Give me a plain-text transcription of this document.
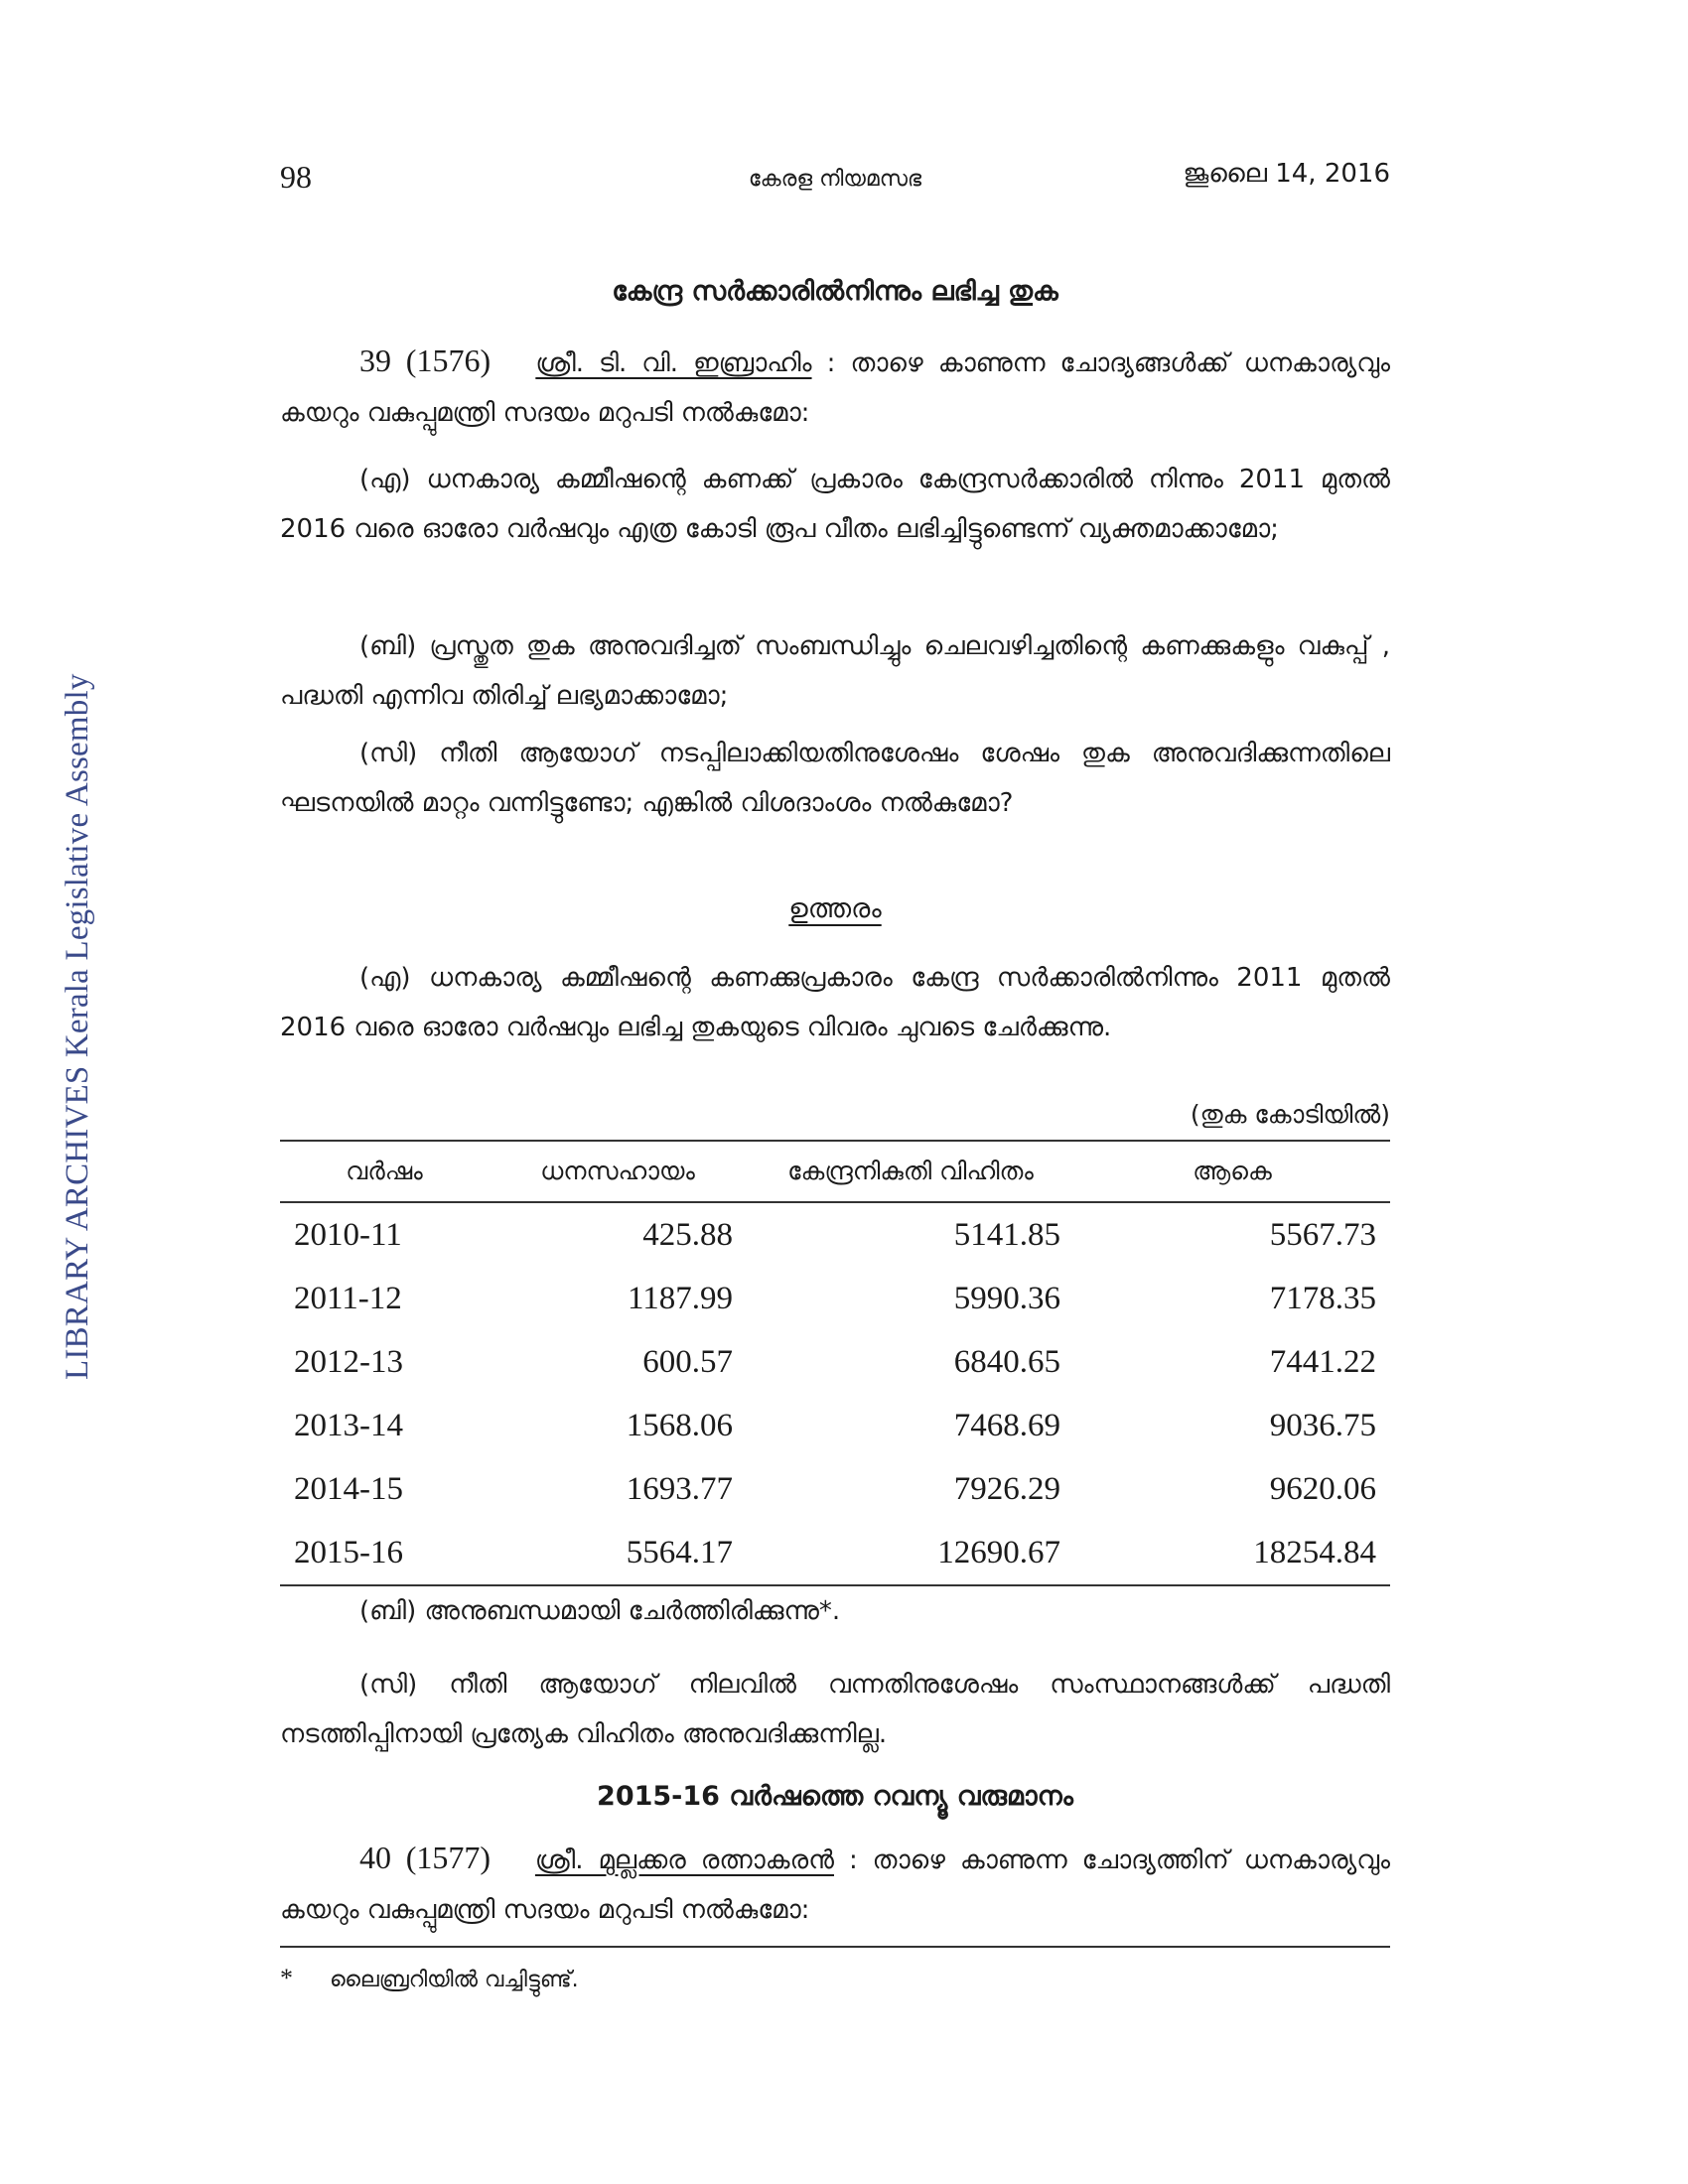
98	കേരള നിയമസഭ	ജൂലൈ 14, 2016
LIBRARY ARCHIVES Kerala Legislative Assembly
കേന്ദ്ര സർക്കാരിൽനിന്നും ലഭിച്ച തുക
39 (1576) ശ്രീ. ടി. വി. ഇബ്രാഹിം : താഴെ കാണുന്ന ചോദ്യങ്ങൾക്ക് ധനകാര്യവും കയറും വകുപ്പുമന്ത്രി സദയം മറുപടി നൽകുമോ:
(എ) ധനകാര്യ കമ്മീഷന്റെ കണക്ക് പ്രകാരം കേന്ദ്രസർക്കാരിൽ നിന്നും 2011 മുതൽ 2016 വരെ ഓരോ വർഷവും എത്ര കോടി രൂപ വീതം ലഭിച്ചിട്ടുണ്ടെന്ന് വ്യക്തമാക്കാമോ;
(ബി) പ്രസ്തുത തുക അനുവദിച്ചത് സംബന്ധിച്ചും ചെലവഴിച്ചതിന്റെ കണക്കുകളും വകുപ്പ് , പദ്ധതി എന്നിവ തിരിച്ച് ലഭ്യമാക്കാമോ;
(സി) നീതി ആയോഗ് നടപ്പിലാക്കിയതിനുശേഷം ശേഷം തുക അനുവദിക്കുന്നതിലെ ഘടനയിൽ മാറ്റം വന്നിട്ടുണ്ടോ; എങ്കിൽ വിശദാംശം നൽകുമോ?
ഉത്തരം
(എ) ധനകാര്യ കമ്മീഷന്റെ കണക്കുപ്രകാരം കേന്ദ്ര സർക്കാരിൽനിന്നും 2011 മുതൽ 2016 വരെ ഓരോ വർഷവും ലഭിച്ച തുകയുടെ വിവരം ചുവടെ ചേർക്കുന്നു.
(തുക കോടിയിൽ)
വർഷം	ധനസഹായം	കേന്ദ്രനികുതി വിഹിതം	ആകെ
2010-11	425.88	5141.85	5567.73
2011-12	1187.99	5990.36	7178.35
2012-13	600.57	6840.65	7441.22
2013-14	1568.06	7468.69	9036.75
2014-15	1693.77	7926.29	9620.06
2015-16	5564.17	12690.67	18254.84
(ബി) അനുബന്ധമായി ചേർത്തിരിക്കുന്നു*.
(സി) നീതി ആയോഗ് നിലവിൽ വന്നതിനുശേഷം സംസ്ഥാനങ്ങൾക്ക് പദ്ധതി നടത്തിപ്പിനായി പ്രത്യേക വിഹിതം അനുവദിക്കുന്നില്ല.
2015-16 വർഷത്തെ റവന്യൂ വരുമാനം
40 (1577) ശ്രീ. മുല്ലക്കര രത്നാകരൻ : താഴെ കാണുന്ന ചോദ്യത്തിന് ധനകാര്യവും കയറും വകുപ്പുമന്ത്രി സദയം മറുപടി നൽകുമോ:
* ലൈബ്രറിയിൽ വച്ചിട്ടുണ്ട്.
